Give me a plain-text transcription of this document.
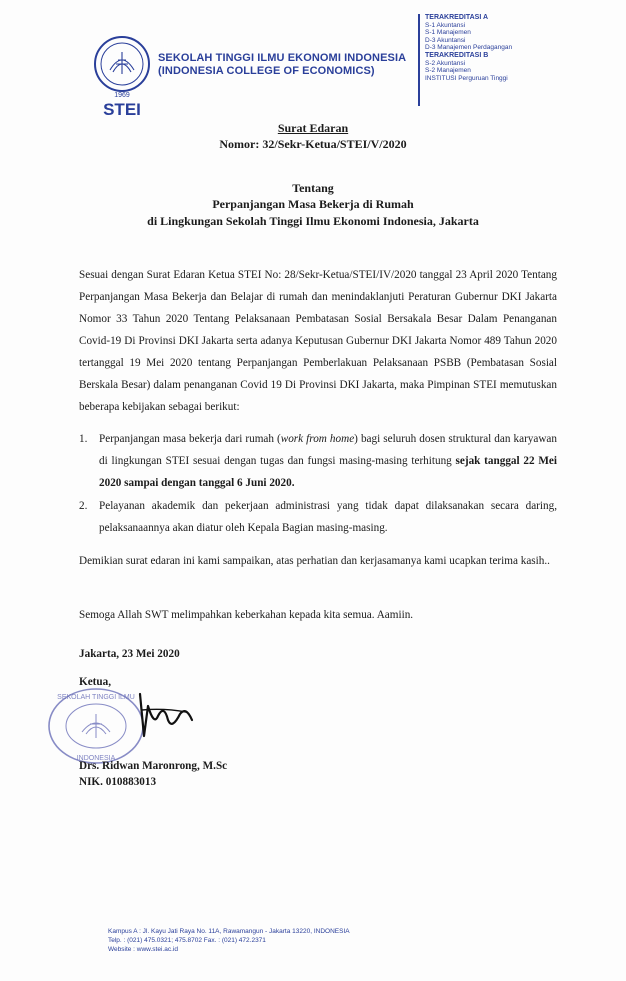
1969
STEI
SEKOLAH TINGGI ILMU EKONOMI INDONESIA
(INDONESIA COLLEGE OF ECONOMICS)
TERAKREDITASI A
S-1 Akuntansi
S-1 Manajemen
D-3 Akuntansi
D-3 Manajemen Perdagangan
TERAKREDITASI B
S-2 Akuntansi
S-2 Manajemen
INSTITUSI Perguruan Tinggi
Surat Edaran
Nomor: 32/Sekr-Ketua/STEI/V/2020
Tentang
Perpanjangan Masa Bekerja di Rumah
di Lingkungan Sekolah Tinggi Ilmu Ekonomi Indonesia, Jakarta
Sesuai dengan Surat Edaran Ketua STEI No: 28/Sekr-Ketua/STEI/IV/2020 tanggal 23 April 2020 Tentang Perpanjangan Masa Bekerja dan Belajar di rumah dan menindaklanjuti Peraturan Gubernur DKI Jakarta Nomor 33 Tahun 2020 Tentang Pelaksanaan Pembatasan Sosial Bersakala Besar Dalam Penanganan Covid-19 Di Provinsi DKI Jakarta serta adanya Keputusan Gubernur DKI Jakarta Nomor 489 Tahun 2020 tertanggal 19 Mei 2020 tentang Perpanjangan Pemberlakuan Pelaksanaan PSBB (Pembatasan Sosial Berskala Besar) dalam penanganan Covid 19 Di Provinsi DKI Jakarta, maka Pimpinan STEI memutuskan beberapa kebijakan sebagai berikut:
1. Perpanjangan masa bekerja dari rumah (work from home) bagi seluruh dosen struktural dan karyawan di lingkungan STEI sesuai dengan tugas dan fungsi masing-masing terhitung sejak tanggal 22 Mei 2020 sampai dengan tanggal 6 Juni 2020.
2. Pelayanan akademik dan pekerjaan administrasi yang tidak dapat dilaksanakan secara daring, pelaksanaannya akan diatur oleh Kepala Bagian masing-masing.
Demikian surat edaran ini kami sampaikan, atas perhatian dan kerjasamanya kami ucapkan terima kasih..
Semoga Allah SWT melimpahkan keberkahan kepada kita semua. Aamiin.
Jakarta, 23 Mei 2020
Ketua,
SEKOLAH TINGGI ILMU
INDONESIA
Drs. Ridwan Maronrong, M.Sc
NIK. 010883013
Kampus A : Jl. Kayu Jati Raya No. 11A, Rawamangun - Jakarta 13220, INDONESIA
Telp. : (021) 475.0321; 475.8702 Fax. : (021) 472.2371
Website : www.stei.ac.id
